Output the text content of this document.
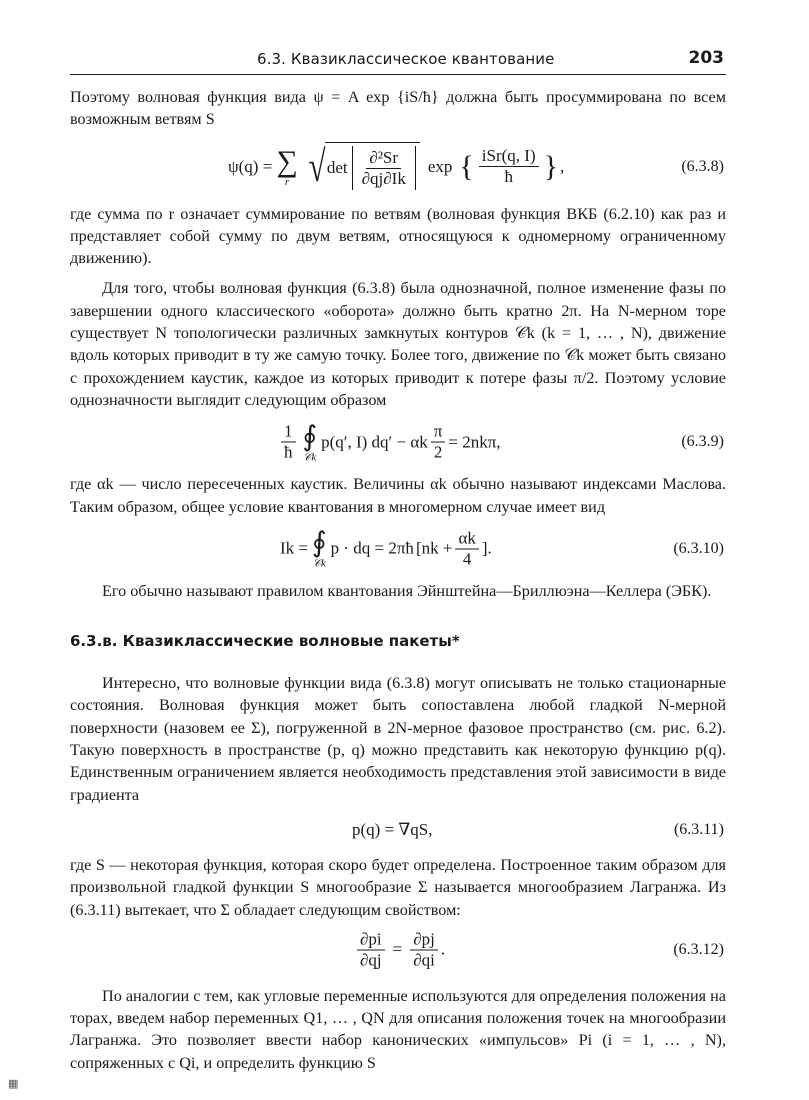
6.3. Квазиклассическое квантование	203

Поэтому волновая функция вида ψ = A exp {iS/ħ} должна быть просуммирована по всем возможным ветвям S

ψ(q) = ∑
r √ $\det \frac{\text{∂²Sr}}{\partial qj\partial Ik}$ exp { $\frac{\text{iSr(q, I)}}{ħ}$ } ,	(6.3.8)

где сумма по r означает суммирование по ветвям (волновая функция ВКБ (6.2.10) как раз и представляет собой сумму по двум ветвям, относящуюся к одномерному ограниченному движению).

Для того, чтобы волновая функция (6.3.8) была однозначной, полное изменение фазы по завершении одного классического «оборота» должно быть кратно 2π. На N-мерном торе существует N топологически различных замкнутых контуров 𝒞k (k = 1, … , N), движение вдоль которых приводит в ту же самую точку. Более того, движение по 𝒞k может быть связано с прохождением каустик, каждое из которых приводит к потере фазы π/2. Поэтому условие однозначности выглядит следующим образом

$\frac{1}{ħ}$ ∮
𝒞k
p(q′, I) dq′ − αk $\frac{\pi}{2} = 2nk\pi$,	(6.3.9)

где αk — число пересеченных каустик. Величины αk обычно называют индексами Маслова. Таким образом, общее условие квантования в многомерном случае имеет вид

Ik = ∮
𝒞k
p · dq = 2πħ [$nk + \frac{\alpha k}{4}$ ].	(6.3.10)

Его обычно называют правилом квантования Эйнштейна—Бриллюэна—Келлера (ЭБК).

6.3.в. Квазиклассические волновые пакеты*

Интересно, что волновые функции вида (6.3.8) могут описывать не только стационарные состояния. Волновая функция может быть сопоставлена любой гладкой N-мерной поверхности (назовем ее Σ), погруженной в 2N-мерное фазовое пространство (см. рис. 6.2). Такую поверхность в пространстве (p, q) можно представить как некоторую функцию p(q). Единственным ограничением является необходимость представления этой зависимости в виде градиента

p(q) = ∇qS,	(6.3.11)

где S — некоторая функция, которая скоро будет определена. Построенное таким образом для произвольной гладкой функции S многообразие Σ называется многообразием Лагранжа. Из (6.3.11) вытекает, что Σ обладает следующим свойством:

$\frac{\partial pi}{\partial qj} = \frac{\partial pj}{\partial qi}$ .	(6.3.12)

По аналогии с тем, как угловые переменные используются для определения положения на торах, введем набор переменных Q1, … , QN для описания положения точек на многообразии Лагранжа. Это позволяет ввести набор канонических «импульсов» Pi (i = 1, … , N), сопряженных с Qi, и определить функцию S

▦
